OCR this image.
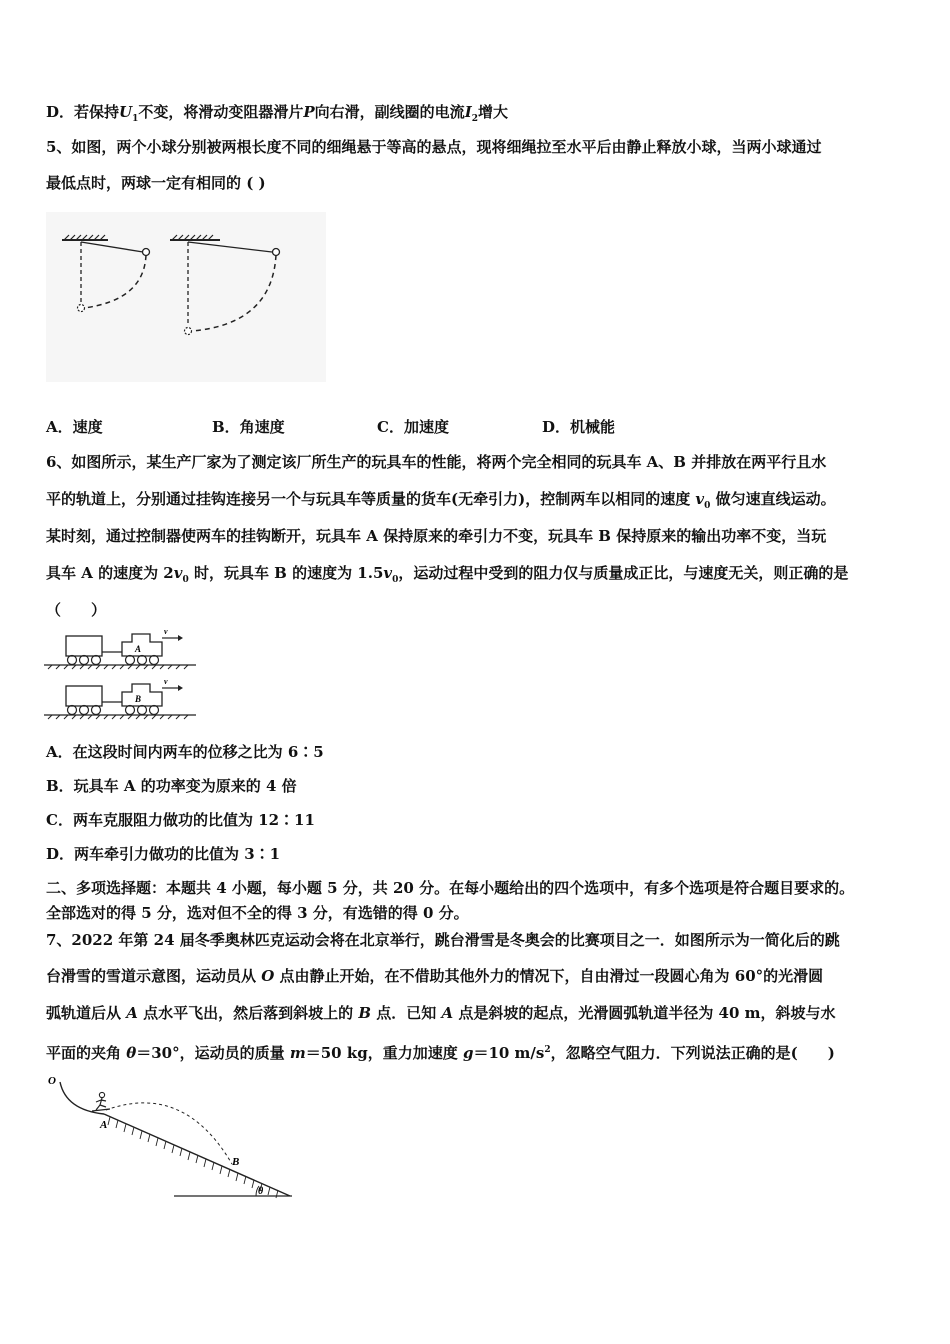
D．若保持$U_1$不变，将滑动变阻器滑片P向右滑，副线圈的电流$I_2$增大
5、如图，两个小球分别被两根长度不同的细绳悬于等高的悬点，现将细绳拉至水平后由静止释放小球，当两小球通过
最低点时，两球一定有相同的 ( )
A．速度	B．角速度	C．加速度	D．机械能
6、如图所示，某生产厂家为了测定该厂所生产的玩具车的性能，将两个完全相同的玩具车 A、B 并排放在两平行且水
平的轨道上，分别通过挂钩连接另一个与玩具车等质量的货车(无牵引力)，控制两车以相同的速度 $v_0$ 做匀速直线运动。
某时刻，通过控制器使两车的挂钩断开，玩具车 A 保持原来的牵引力不变，玩具车 B 保持原来的输出功率不变，当玩
具车 A 的速度为 $2v_0$ 时，玩具车 B 的速度为 $1.5v_0$，运动过程中受到的阻力仅与质量成正比，与速度无关，则正确的是
（　　）
A
v
B
v
A．在这段时间内两车的位移之比为 6∶5
B．玩具车 A 的功率变为原来的 4 倍
C．两车克服阻力做功的比值为 12∶11
D．两车牵引力做功的比值为 3∶1
二、多项选择题：本题共 4 小题，每小题 5 分，共 20 分。在每小题给出的四个选项中，有多个选项是符合题目要求的。
全部选对的得 5 分，选对但不全的得 3 分，有选错的得 0 分。
7、2022 年第 24 届冬季奥林匹克运动会将在北京举行，跳台滑雪是冬奥会的比赛项目之一．如图所示为一简化后的跳
台滑雪的雪道示意图，运动员从 O 点由静止开始，在不借助其他外力的情况下，自由滑过一段圆心角为 60°的光滑圆
弧轨道后从 A 点水平飞出，然后落到斜坡上的 B 点．已知 A 点是斜坡的起点，光滑圆弧轨道半径为 40 m，斜坡与水
平面的夹角 θ＝30°，运动员的质量 m＝50 kg，重力加速度 g＝10 $m/s^2$，忽略空气阻力．下列说法正确的是(　　)
O
A
B
θ
